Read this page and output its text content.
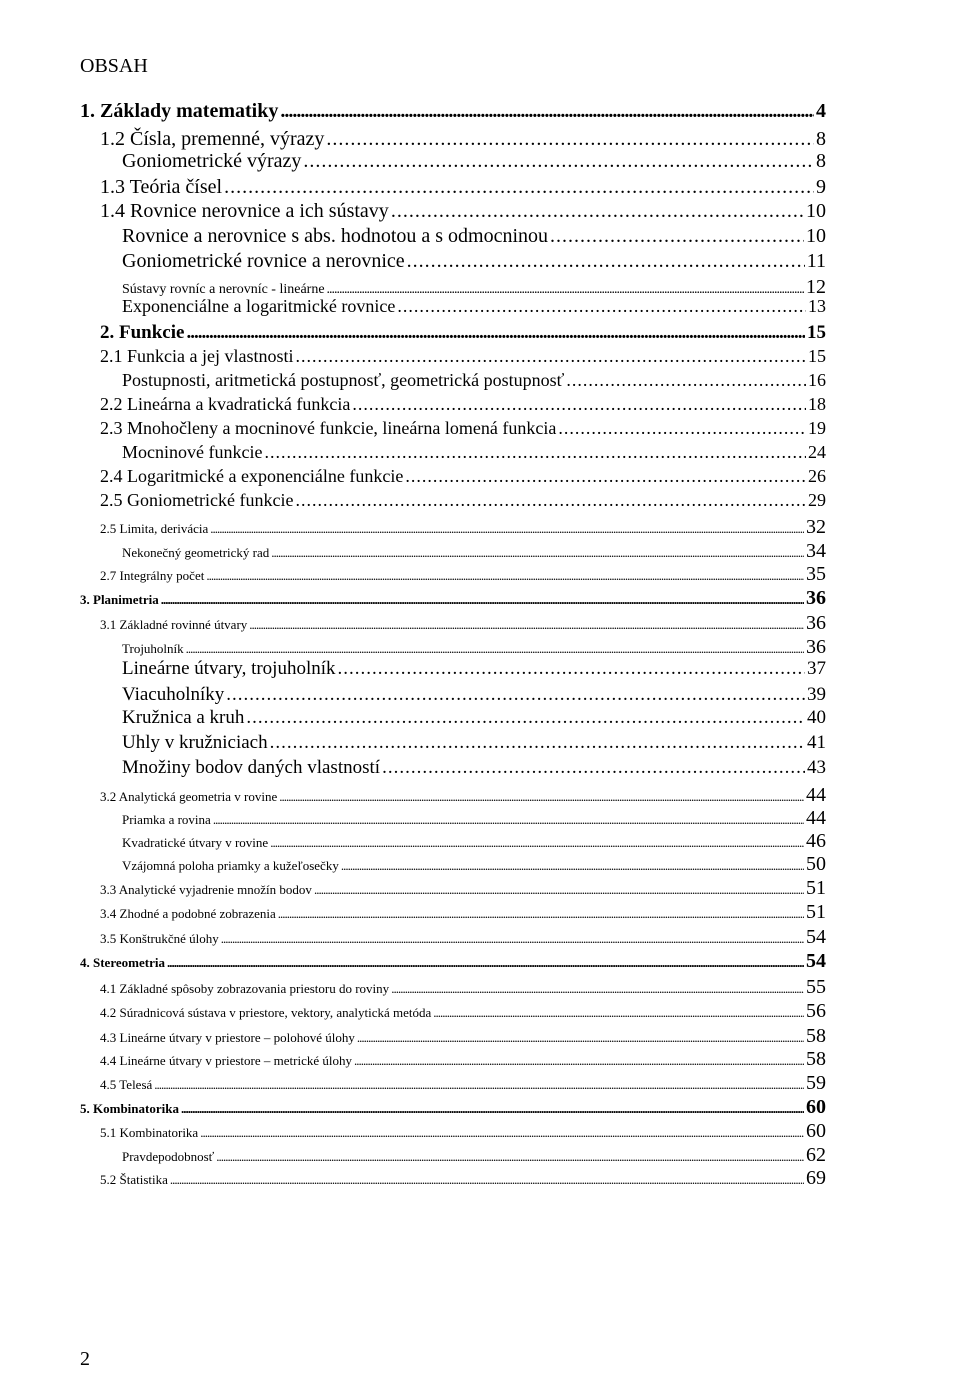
OBSAH
1. Základy matematiky .....	4
1.2 Čísla, premenné, výrazy .....	8
Goniometrické výrazy .....	8
1.3 Teória čísel .....	9
1.4 Rovnice nerovnice a ich sústavy .....	10
Rovnice a nerovnice s abs. hodnotou a s odmocninou .....	10
Goniometrické rovnice a nerovnice .....	11
Sústavy rovníc a nerovníc - lineárne .....	12
Exponenciálne a logaritmické rovnice .....	13
2. Funkcie .....	15
2.1 Funkcia a jej vlastnosti .....	15
Postupnosti, aritmetická postupnosť, geometrická postupnosť .....	16
2.2 Lineárna a kvadratická funkcia .....	18
2.3 Mnohočleny a mocninové funkcie, lineárna lomená funkcia .....	19
Mocninové funkcie .....	24
2.4 Logaritmické a exponenciálne funkcie .....	26
2.5 Goniometrické funkcie .....	29
2.5 Limita, derivácia .....	32
Nekonečný geometrický rad .....	34
2.7 Integrálny počet .....	35
3. Planimetria .....	36
3.1 Základné rovinné útvary .....	36
Trojuholník .....	36
Lineárne útvary, trojuholník .....	37
Viacuholníky .....	39
Kružnica a kruh .....	40
Uhly v kružniciach .....	41
Množiny bodov daných vlastností .....	43
3.2 Analytická geometria v rovine .....	44
Priamka a rovina .....	44
Kvadratické útvary v rovine .....	46
Vzájomná poloha priamky a kužeľosečky .....	50
3.3 Analytické vyjadrenie množín bodov .....	51
3.4 Zhodné a podobné zobrazenia .....	51
3.5 Konštrukčné úlohy .....	54
4. Stereometria .....	54
4.1 Základné spôsoby zobrazovania priestoru do roviny .....	55
4.2 Súradnicová sústava v priestore, vektory, analytická metóda .....	56
4.3 Lineárne útvary v priestore – polohové úlohy .....	58
4.4 Lineárne útvary v priestore – metrické úlohy .....	58
4.5 Telesá .....	59
5. Kombinatorika .....	60
5.1 Kombinatorika .....	60
Pravdepodobnosť .....	62
5.2 Štatistika .....	69
2
